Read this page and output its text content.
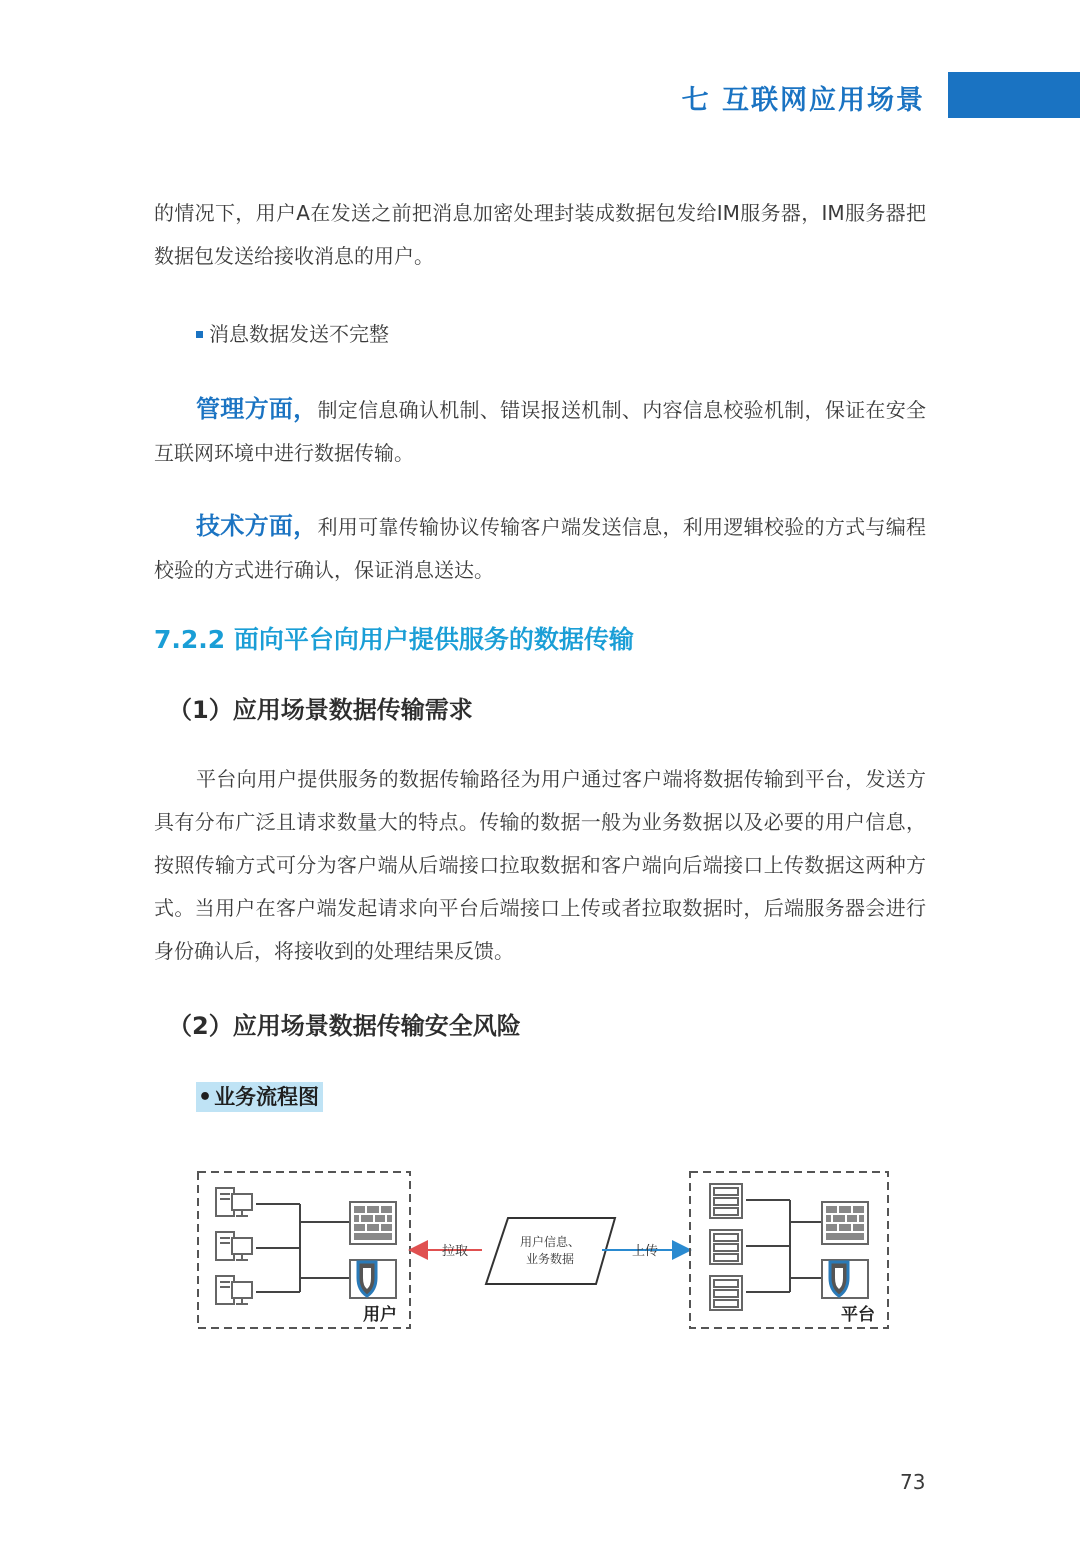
七 互联网应用场景
的情况下，用户A在发送之前把消息加密处理封装成数据包发给IM服务器，IM服务器把数据包发送给接收消息的用户。
消息数据发送不完整
管理方面，制定信息确认机制、错误报送机制、内容信息校验机制，保证在安全互联网环境中进行数据传输。
技术方面，利用可靠传输协议传输客户端发送信息，利用逻辑校验的方式与编程校验的方式进行确认，保证消息送达。
7.2.2 面向平台向用户提供服务的数据传输
（1）应用场景数据传输需求
平台向用户提供服务的数据传输路径为用户通过客户端将数据传输到平台，发送方具有分布广泛且请求数量大的特点。传输的数据一般为业务数据以及必要的用户信息，按照传输方式可分为客户端从后端接口拉取数据和客户端向后端接口上传数据这两种方式。当用户在客户端发起请求向平台后端接口上传或者拉取数据时，后端服务器会进行身份确认后，将接收到的处理结果反馈。
（2）应用场景数据传输安全风险
•业务流程图
用户
拉取
用户信息、
业务数据	上传
平台
73
